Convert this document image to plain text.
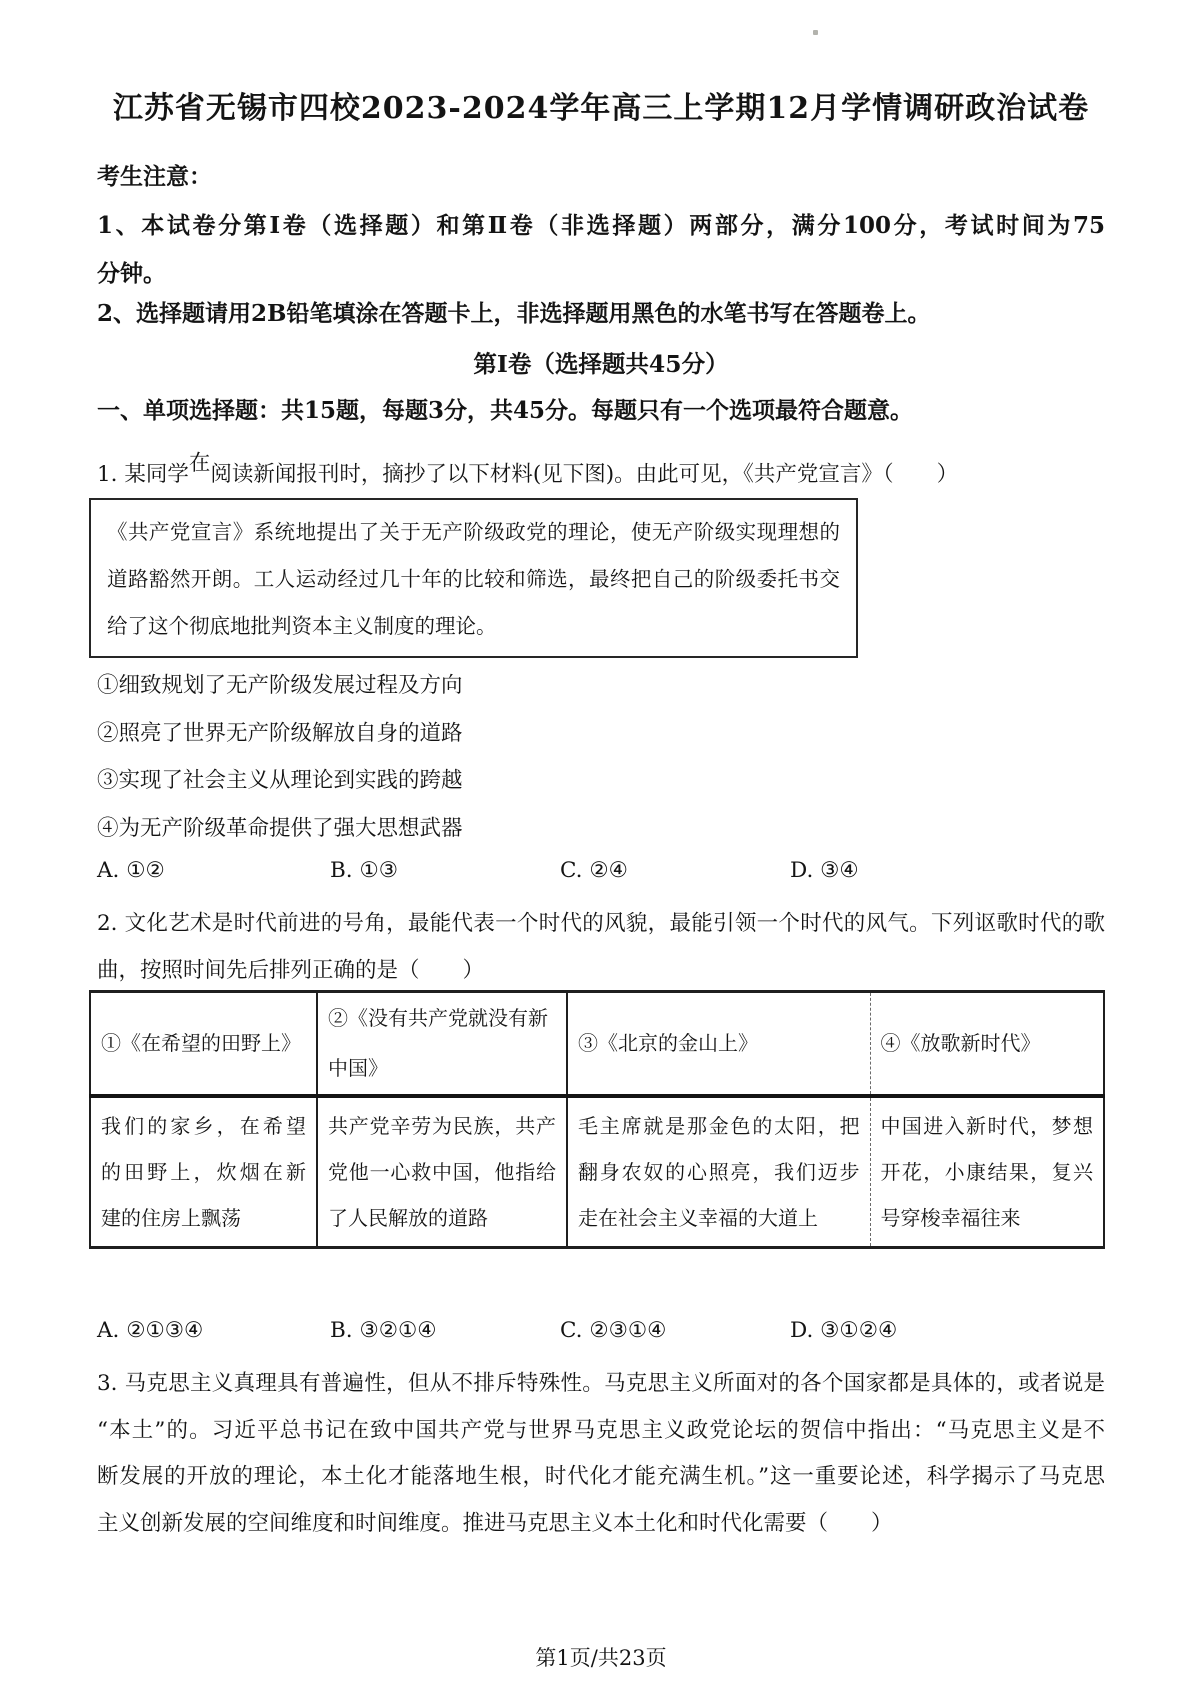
江苏省无锡市四校2023-2024学年高三上学期12月学情调研政治试卷
考生注意：
1、本试卷分第Ⅰ卷（选择题）和第Ⅱ卷（非选择题）两部分，满分100分，考试时间为75
分钟。
2、选择题请用2B铅笔填涂在答题卡上，非选择题用黑色的水笔书写在答题卷上。
第Ⅰ卷（选择题共45分）
一、单项选择题：共15题，每题3分，共45分。每题只有一个选项最符合题意。
1. 某同学在阅读新闻报刊时，摘抄了以下材料(见下图)。由此可见，《共产党宣言》（　　）
《共产党宣言》系统地提出了关于无产阶级政党的理论，使无产阶级实现理想的
道路豁然开朗。工人运动经过几十年的比较和筛选，最终把自己的阶级委托书交
给了这个彻底地批判资本主义制度的理论。
①细致规划了无产阶级发展过程及方向
②照亮了世界无产阶级解放自身的道路
③实现了社会主义从理论到实践的跨越
④为无产阶级革命提供了强大思想武器
A. ①②	B. ①③	C. ②④	D. ③④
2. 文化艺术是时代前进的号角，最能代表一个时代的风貌，最能引领一个时代的风气。下列讴歌时代的歌
曲，按照时间先后排列正确的是（　　）
①《在希望的田野上》	②《没有共产党就没有新
中国》	③《北京的金山上》	④《放歌新时代》

我们的家乡，在希望
的田野上，炊烟在新
建的住房上飘荡	共产党辛劳为民族，共产
党他一心救中国，他指给
了人民解放的道路	毛主席就是那金色的太阳，把
翻身农奴的心照亮，我们迈步
走在社会主义幸福的大道上	中国进入新时代，梦想
开花，小康结果，复兴
号穿梭幸福往来
A. ②①③④	B. ③②①④	C. ②③①④	D. ③①②④
3. 马克思主义真理具有普遍性，但从不排斥特殊性。马克思主义所面对的各个国家都是具体的，或者说是
“本土”的。习近平总书记在致中国共产党与世界马克思主义政党论坛的贺信中指出：“马克思主义是不
断发展的开放的理论，本土化才能落地生根，时代化才能充满生机。”这一重要论述，科学揭示了马克思
主义创新发展的空间维度和时间维度。推进马克思主义本土化和时代化需要（　　）
第1页/共23页
